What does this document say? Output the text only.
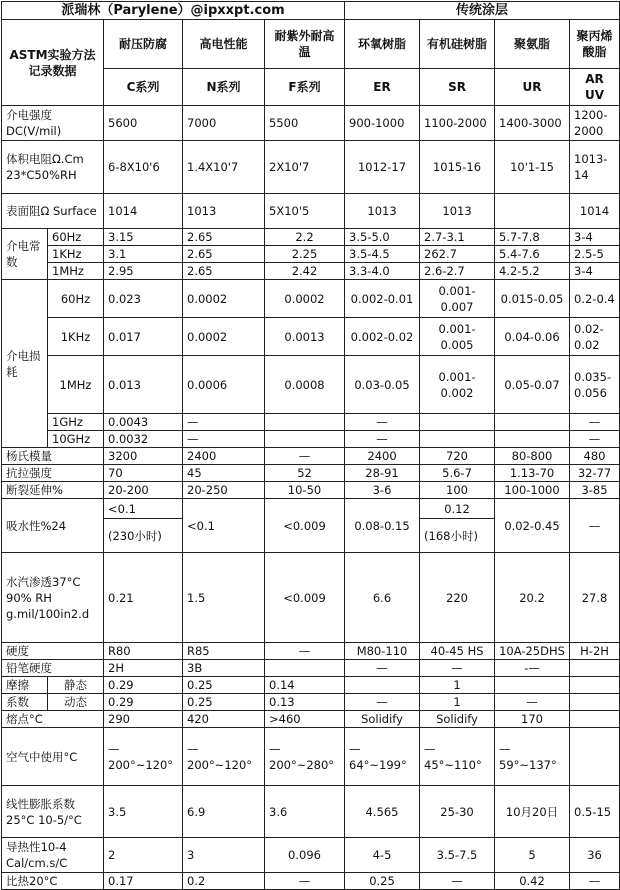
派瑞林（Parylene）@ipxxpt.com					传统涂层			
ASTM实验方法记录数据		耐压防腐	高电性能	耐紫外耐高温	环氧树脂	有机硅树脂	聚氨脂	聚丙烯酸脂
		C系列	N系列	F系列	ER	SR	UR	AR UV
介电强度DC(V/mil)		5600	7000	5500	900-1000	1100-2000	1400-3000	1200-2000
体积电阻Ω.Cm 23*C50%RH		6-8X10'6	1.4X10'7	2X10'7	1012-17	1015-16	10'1-15	1013-14
表面阻Ω Surface		1014	1013	5X10'5	1013	1013		1014
介电常数	60Hz	3.15	2.65	2.2	3.5-5.0	2.7-3.1	5.7-7.8	3-4
	1KHz	3.1	2.65	2.25	3.5-4.5	262.7	5.4-7.6	2.5-5
	1MHz	2.95	2.65	2.42	3.3-4.0	2.6-2.7	4.2-5.2	3-4
介电损耗	60Hz	0.023	0.0002	0.0002	0.002-0.01	0.001-0.007	0.015-0.05	0.2-0.4
	1KHz	0.017	0.0002	0.0013	0.002-0.02	0.001-0.005	0.04-0.06	0.02-0.02
	1MHz	0.013	0.0006	0.0008	0.03-0.05	0.001-0.002	0.05-0.07	0.035-0.056
	1GHz	0.0043	—		—			—
	10GHz	0.0032	—		—			—
杨氏模量		3200	2400	—	2400	720	80-800	480
抗拉强度		70	45	52	28-91	5.6-7	1.13-70	32-77
断裂延伸%		20-200	20-250	10-50	3-6	100	100-1000	3-85
吸水性%24		<0.1	<0.1	<0.009	0.08-0.15	0.12	0.02-0.45	—
		(230小时)				(168小时)		
水汽渗透37°C 90% RH g.mil/100in2.d		0.21	1.5	<0.009	6.6	220	20.2	27.8
硬度		R80	R85	—	M80-110	40-45 HS	10A-25DHS	H-2H
铅笔硬度		2H	3B		—	—	-—	
摩擦	静态	0.29	0.25	0.14		1		
系数	动态	0.29	0.25	0.13	—	1	—	
熔点°C		290	420	>460	Solidify	Solidify	170	
空气中使用°C		—200°~120°	—200°~120°	—200°~280°	—64°~199°	—45°~110°	—59°~137°	
线性膨胀系数25°C 10-5/°C		3.5	6.9	3.6	4.565	25-30	10月20日	0.5-15
导热性10-4 Cal/cm.s/C		2	3	0.096	4-5	3.5-7.5	5	36
比热20°C		0.17	0.2	—	0.25	—	0.42	—
